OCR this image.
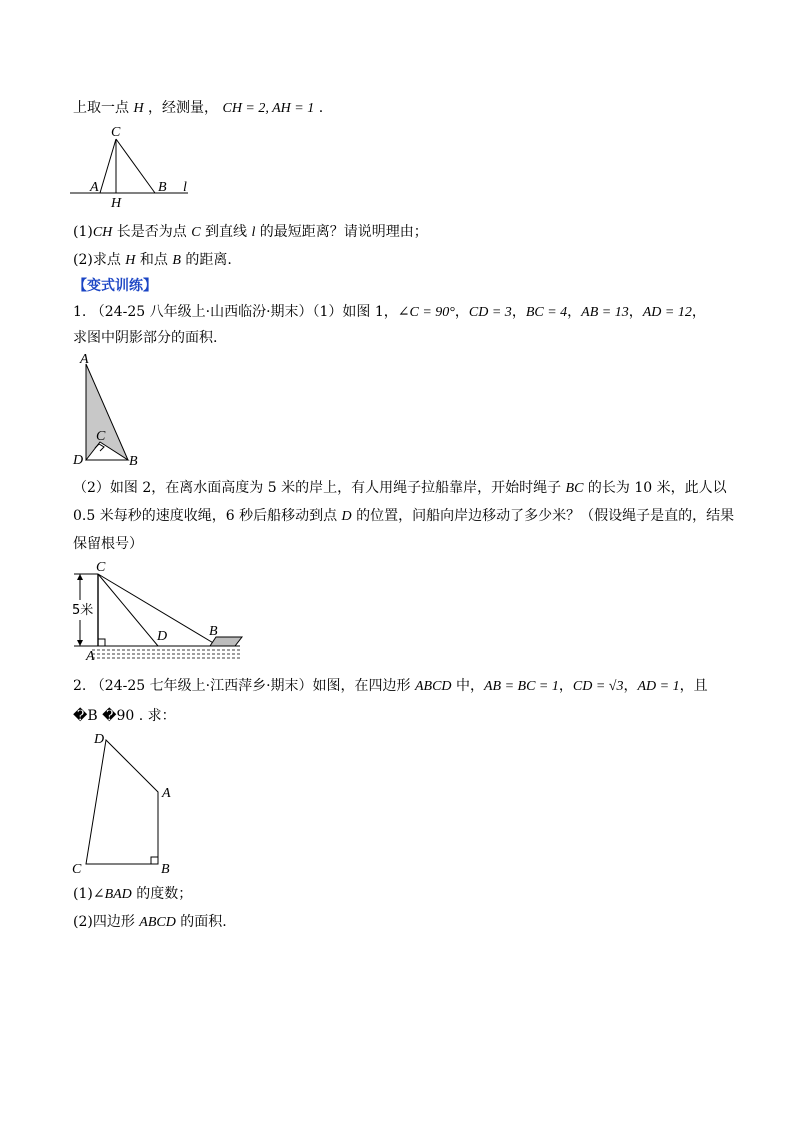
上取一点 H ，经测量， CH = 2, AH = 1 .
C
A
H
B l
(1)CH 长是否为点 C 到直线 l 的最短距离？请说明理由；
(2)求点 H 和点 B 的距离.
【变式训练】
1. （24-25 八年级上·山西临汾·期末）（1）如图 1，∠C = 90°，CD = 3，BC = 4，AB = 13，AD = 12，
求图中阴影部分的面积.
A
C
D	B
（2）如图 2，在离水面高度为 5 米的岸上，有人用绳子拉船靠岸，开始时绳子 BC 的长为 10 米，此人以
0.5 米每秒的速度收绳，6 秒后船移动到点 D 的位置，问船向岸边移动了多少米？（假设绳子是直的，结果
保留根号）
C
5米
D	B
A
2. （24-25 七年级上·江西萍乡·期末）如图，在四边形 ABCD 中，AB = BC = 1，CD = √3，AD = 1，且
�B �90 . 求：
D
A
C	B
(1)∠BAD 的度数；
(2)四边形 ABCD 的面积.
